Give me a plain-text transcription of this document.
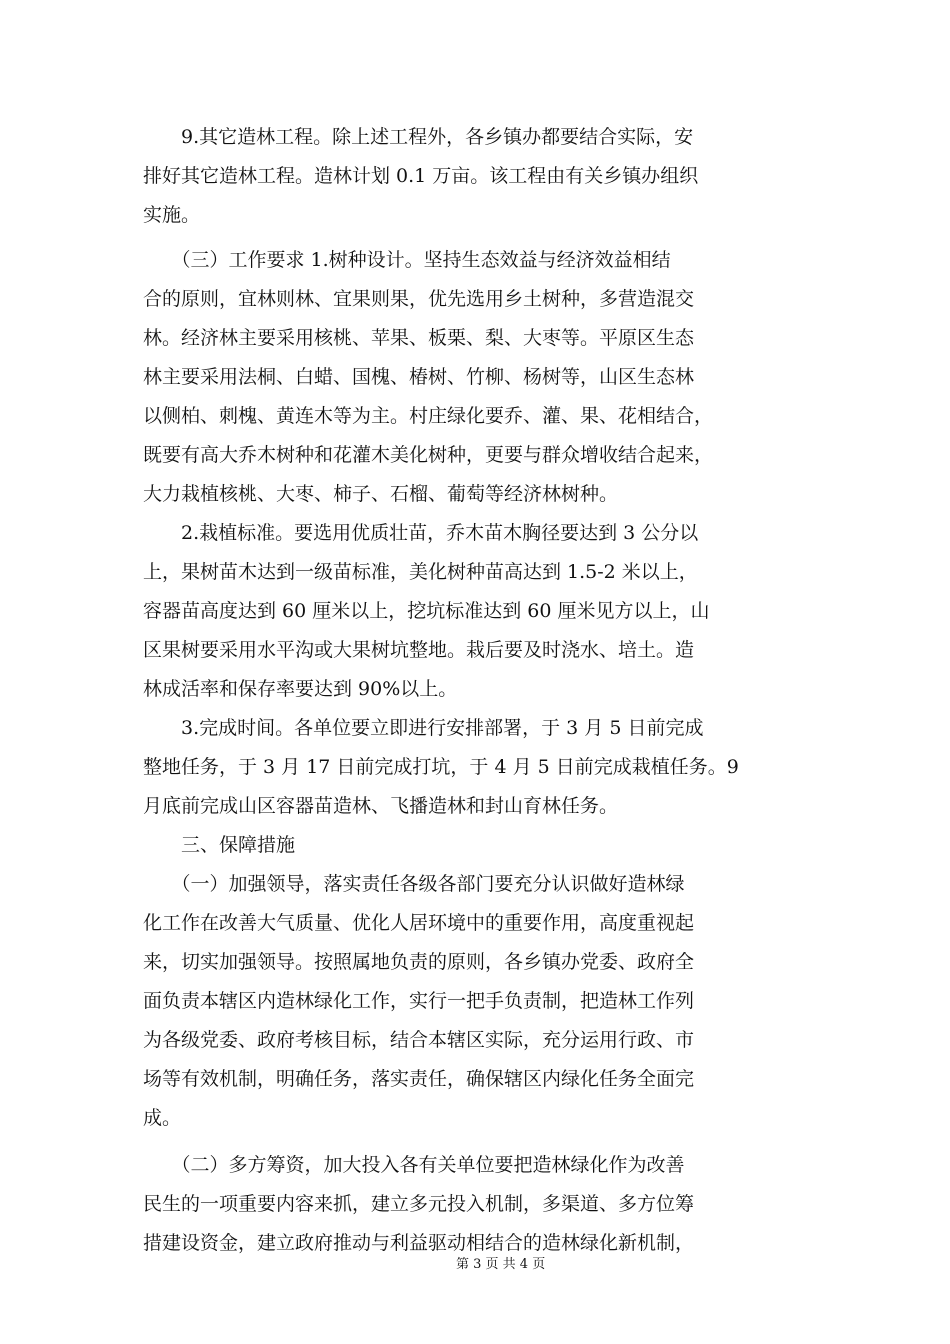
　　9.其它造林工程。除上述工程外，各乡镇办都要结合实际，安
排好其它造林工程。造林计划 0.1 万亩。该工程由有关乡镇办组织
实施。
　　（三）工作要求 1.树种设计。坚持生态效益与经济效益相结
合的原则，宜林则林、宜果则果，优先选用乡土树种，多营造混交
林。经济林主要采用核桃、苹果、板栗、梨、大枣等。平原区生态
林主要采用法桐、白蜡、国槐、椿树、竹柳、杨树等，山区生态林
以侧柏、刺槐、黄连木等为主。村庄绿化要乔、灌、果、花相结合，
既要有高大乔木树种和花灌木美化树种，更要与群众增收结合起来，
大力栽植核桃、大枣、柿子、石榴、葡萄等经济林树种。
　　2.栽植标准。要选用优质壮苗，乔木苗木胸径要达到 3 公分以
上，果树苗木达到一级苗标准，美化树种苗高达到 1.5-2 米以上，
容器苗高度达到 60 厘米以上，挖坑标准达到 60 厘米见方以上，山
区果树要采用水平沟或大果树坑整地。栽后要及时浇水、培土。造
林成活率和保存率要达到 90%以上。
　　3.完成时间。各单位要立即进行安排部署，于 3 月 5 日前完成
整地任务，于 3 月 17 日前完成打坑，于 4 月 5 日前完成栽植任务。9
月底前完成山区容器苗造林、飞播造林和封山育林任务。
　　三、保障措施
　　（一）加强领导，落实责任各级各部门要充分认识做好造林绿
化工作在改善大气质量、优化人居环境中的重要作用，高度重视起
来，切实加强领导。按照属地负责的原则，各乡镇办党委、政府全
面负责本辖区内造林绿化工作，实行一把手负责制，把造林工作列
为各级党委、政府考核目标，结合本辖区实际，充分运用行政、市
场等有效机制，明确任务，落实责任，确保辖区内绿化任务全面完
成。
　　（二）多方筹资，加大投入各有关单位要把造林绿化作为改善
民生的一项重要内容来抓，建立多元投入机制，多渠道、多方位筹
措建设资金，建立政府推动与利益驱动相结合的造林绿化新机制，
第 3 页 共 4 页
